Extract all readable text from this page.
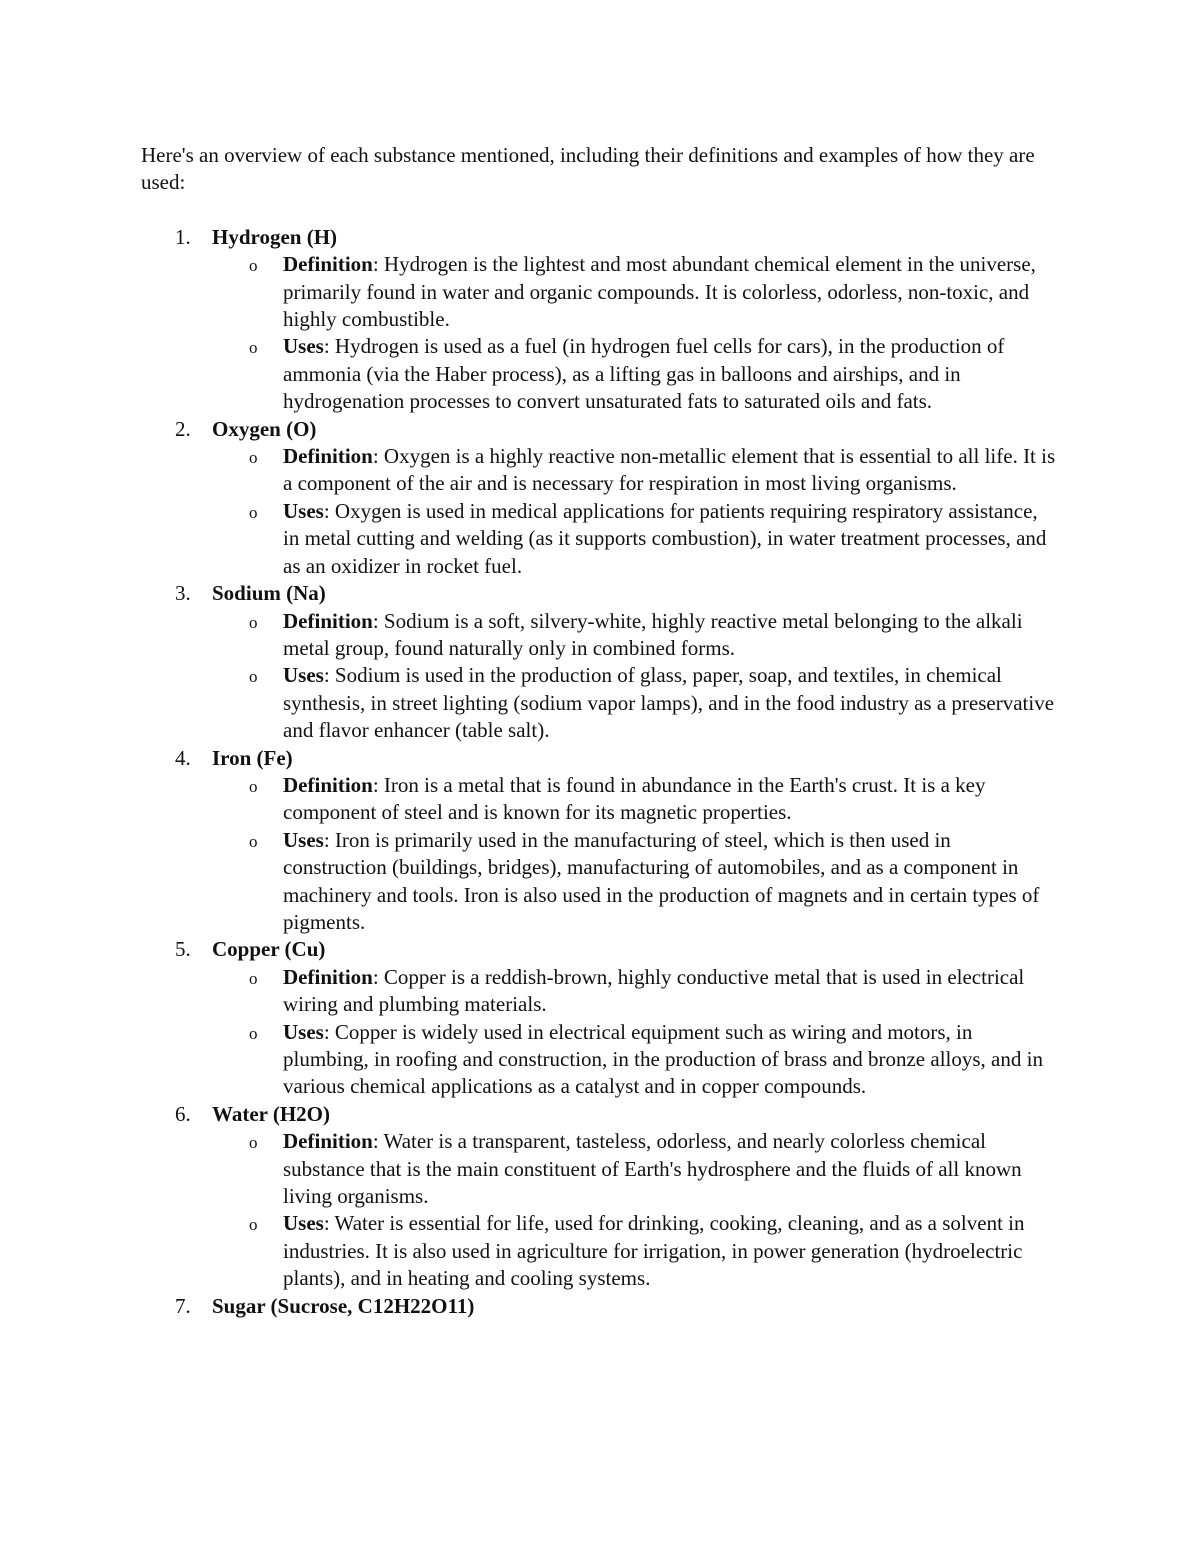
Here's an overview of each substance mentioned, including their definitions and examples of how they are used:

1. Hydrogen (H)
o Definition: Hydrogen is the lightest and most abundant chemical element in the universe, primarily found in water and organic compounds. It is colorless, odorless, non-toxic, and highly combustible.
o Uses: Hydrogen is used as a fuel (in hydrogen fuel cells for cars), in the production of ammonia (via the Haber process), as a lifting gas in balloons and airships, and in hydrogenation processes to convert unsaturated fats to saturated oils and fats.
2. Oxygen (O)
o Definition: Oxygen is a highly reactive non-metallic element that is essential to all life. It is a component of the air and is necessary for respiration in most living organisms.
o Uses: Oxygen is used in medical applications for patients requiring respiratory assistance, in metal cutting and welding (as it supports combustion), in water treatment processes, and as an oxidizer in rocket fuel.
3. Sodium (Na)
o Definition: Sodium is a soft, silvery-white, highly reactive metal belonging to the alkali metal group, found naturally only in combined forms.
o Uses: Sodium is used in the production of glass, paper, soap, and textiles, in chemical synthesis, in street lighting (sodium vapor lamps), and in the food industry as a preservative and flavor enhancer (table salt).
4. Iron (Fe)
o Definition: Iron is a metal that is found in abundance in the Earth's crust. It is a key component of steel and is known for its magnetic properties.
o Uses: Iron is primarily used in the manufacturing of steel, which is then used in construction (buildings, bridges), manufacturing of automobiles, and as a component in machinery and tools. Iron is also used in the production of magnets and in certain types of pigments.
5. Copper (Cu)
o Definition: Copper is a reddish-brown, highly conductive metal that is used in electrical wiring and plumbing materials.
o Uses: Copper is widely used in electrical equipment such as wiring and motors, in plumbing, in roofing and construction, in the production of brass and bronze alloys, and in various chemical applications as a catalyst and in copper compounds.
6. Water (H2O)
o Definition: Water is a transparent, tasteless, odorless, and nearly colorless chemical substance that is the main constituent of Earth's hydrosphere and the fluids of all known living organisms.
o Uses: Water is essential for life, used for drinking, cooking, cleaning, and as a solvent in industries. It is also used in agriculture for irrigation, in power generation (hydroelectric plants), and in heating and cooling systems.
7. Sugar (Sucrose, C12H22O11)
